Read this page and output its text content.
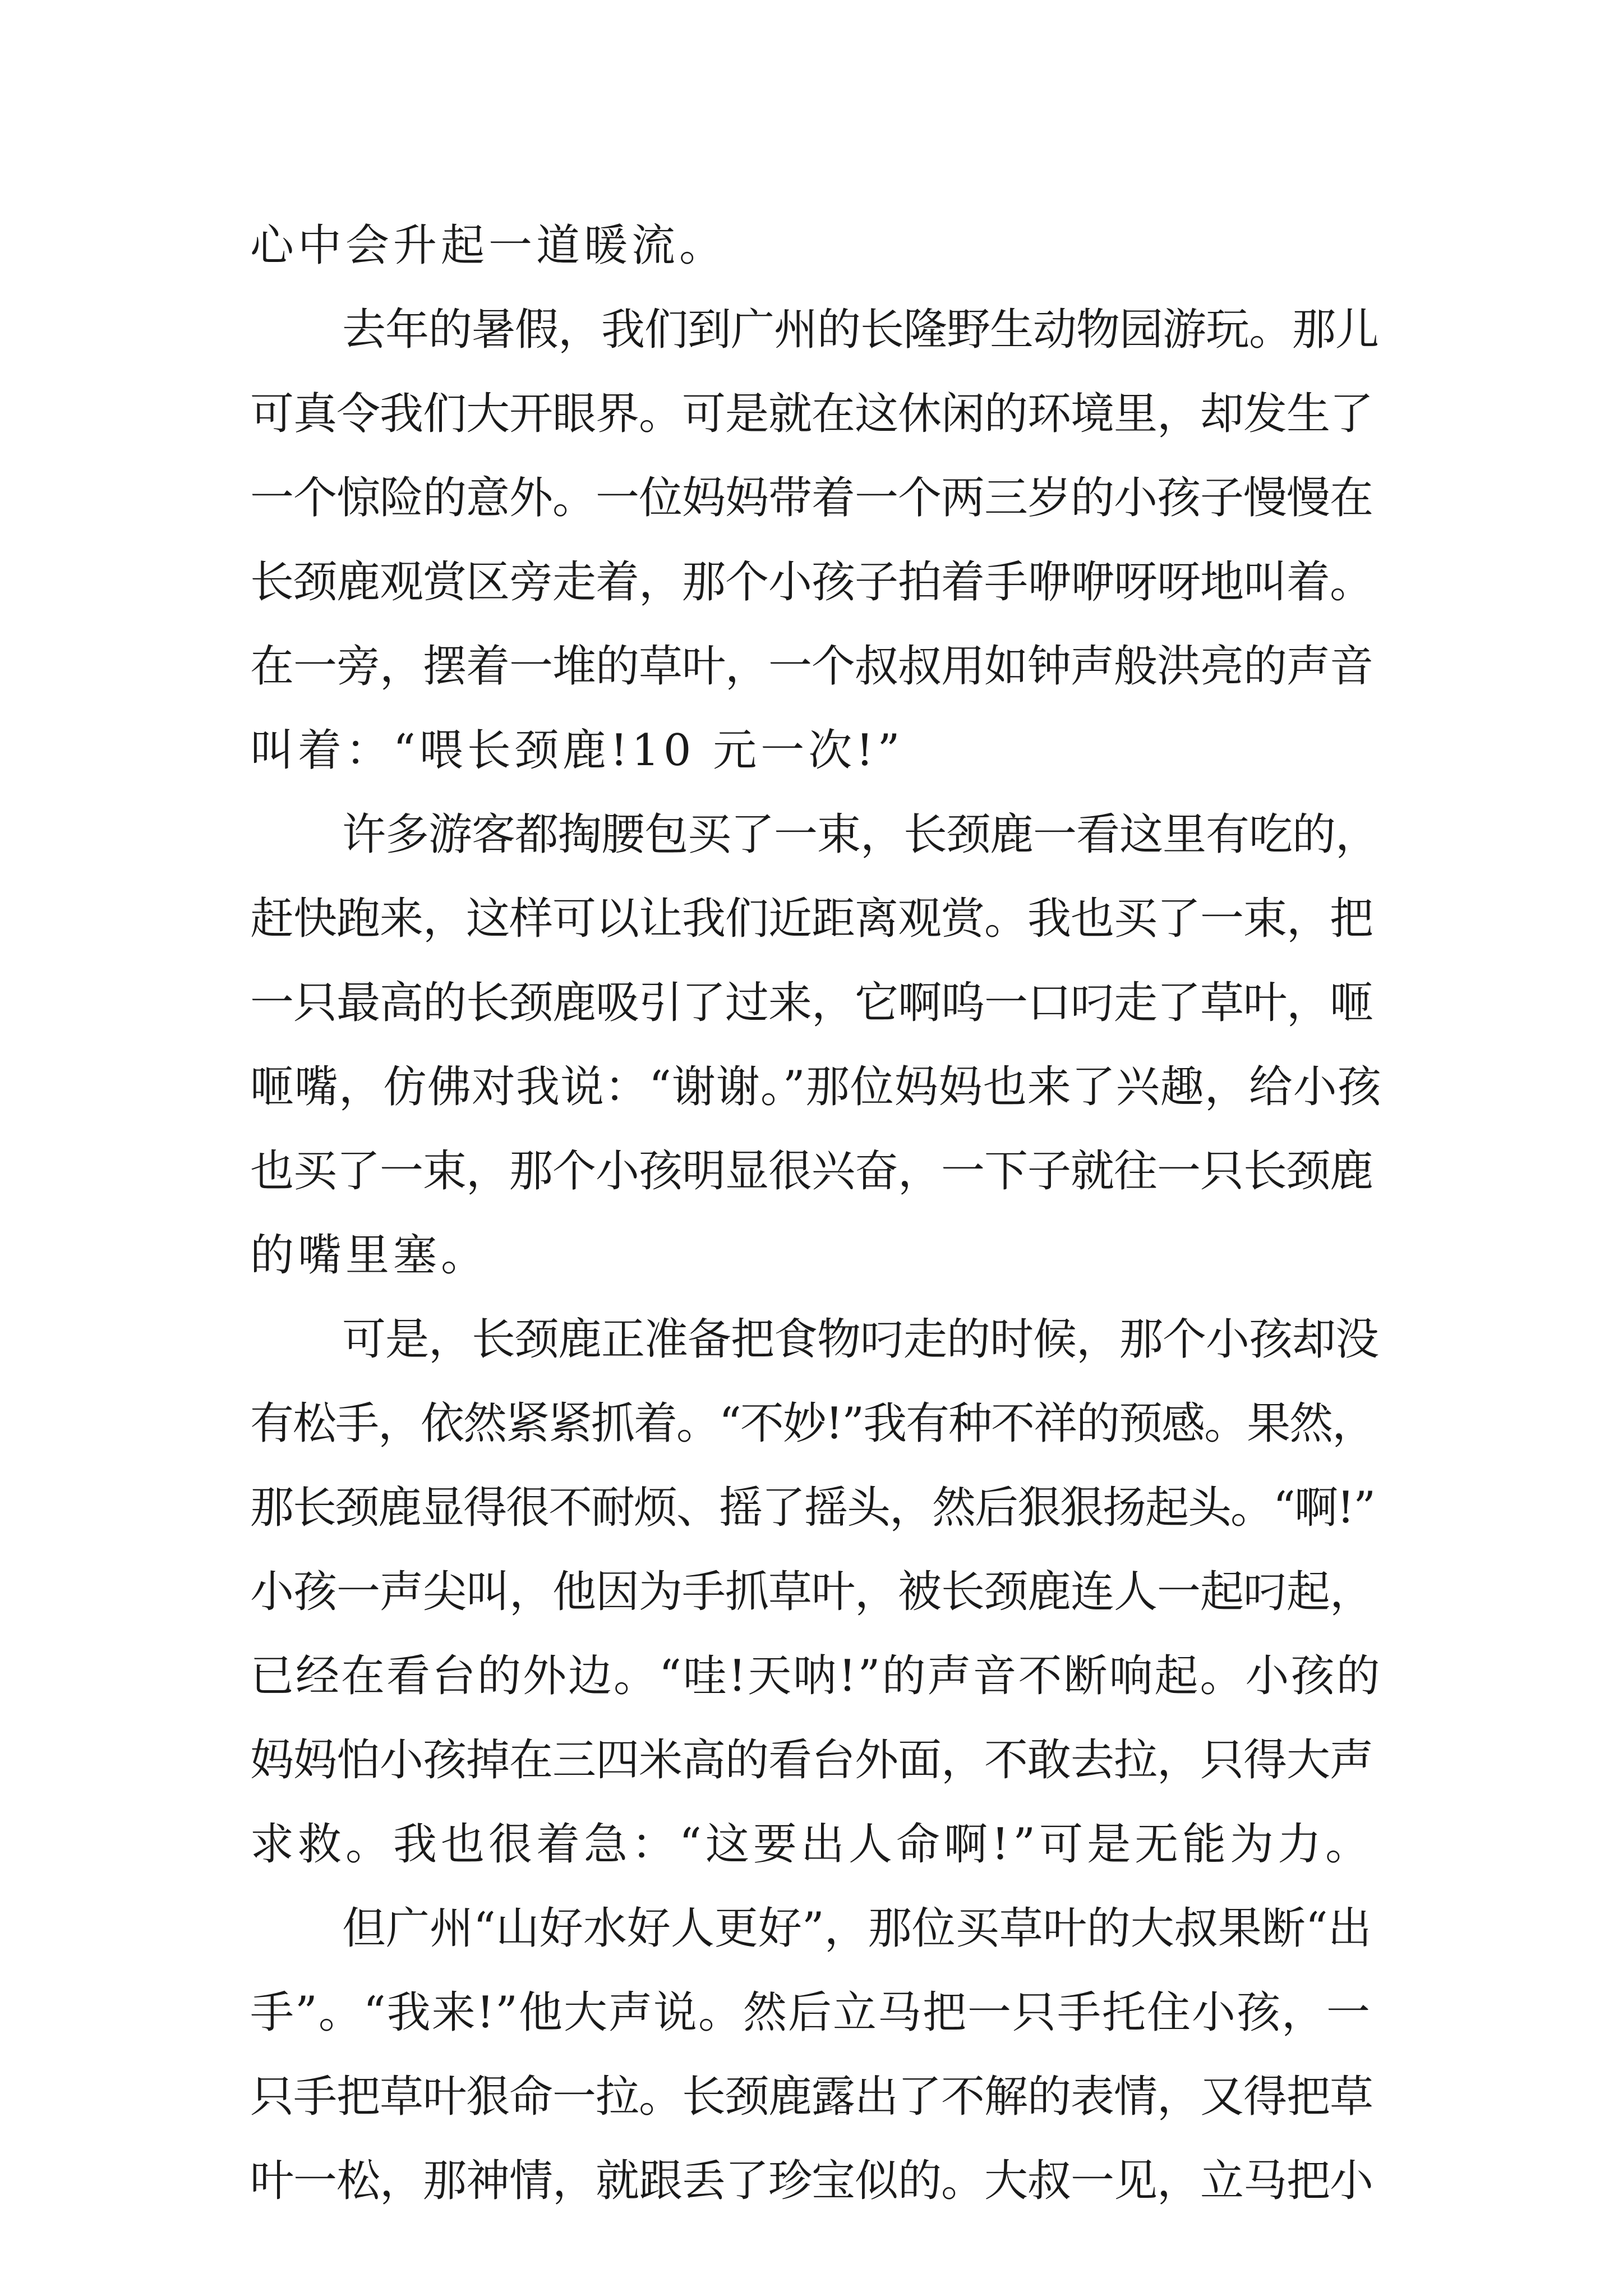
心中会升起一道暖流。
去年的暑假，我们到广州的长隆野生动物园游玩。那儿
可真令我们大开眼界。可是就在这休闲的环境里，却发生了
一个惊险的意外。一位妈妈带着一个两三岁的小孩子慢慢在
长颈鹿观赏区旁走着，那个小孩子拍着手咿咿呀呀地叫着。
在一旁，摆着一堆的草叶，一个叔叔用如钟声般洪亮的声音
叫着：“喂长颈鹿!10 元一次!”
许多游客都掏腰包买了一束，长颈鹿一看这里有吃的，
赶快跑来，这样可以让我们近距离观赏。我也买了一束，把
一只最高的长颈鹿吸引了过来，它啊呜一口叼走了草叶，咂
咂嘴，仿佛对我说：“谢谢。”那位妈妈也来了兴趣，给小孩
也买了一束，那个小孩明显很兴奋，一下子就往一只长颈鹿
的嘴里塞。
可是，长颈鹿正准备把食物叼走的时候，那个小孩却没
有松手，依然紧紧抓着。“不妙!”我有种不祥的预感。果然，
那长颈鹿显得很不耐烦、摇了摇头，然后狠狠扬起头。“啊!”
小孩一声尖叫，他因为手抓草叶，被长颈鹿连人一起叼起，
已经在看台的外边。“哇!天呐!”的声音不断响起。小孩的
妈妈怕小孩掉在三四米高的看台外面，不敢去拉，只得大声
求救。我也很着急：“这要出人命啊!”可是无能为力。
但广州“山好水好人更好”，那位买草叶的大叔果断“出
手”。“我来!”他大声说。然后立马把一只手托住小孩，一
只手把草叶狠命一拉。长颈鹿露出了不解的表情，又得把草
叶一松，那神情，就跟丢了珍宝似的。大叔一见，立马把小
